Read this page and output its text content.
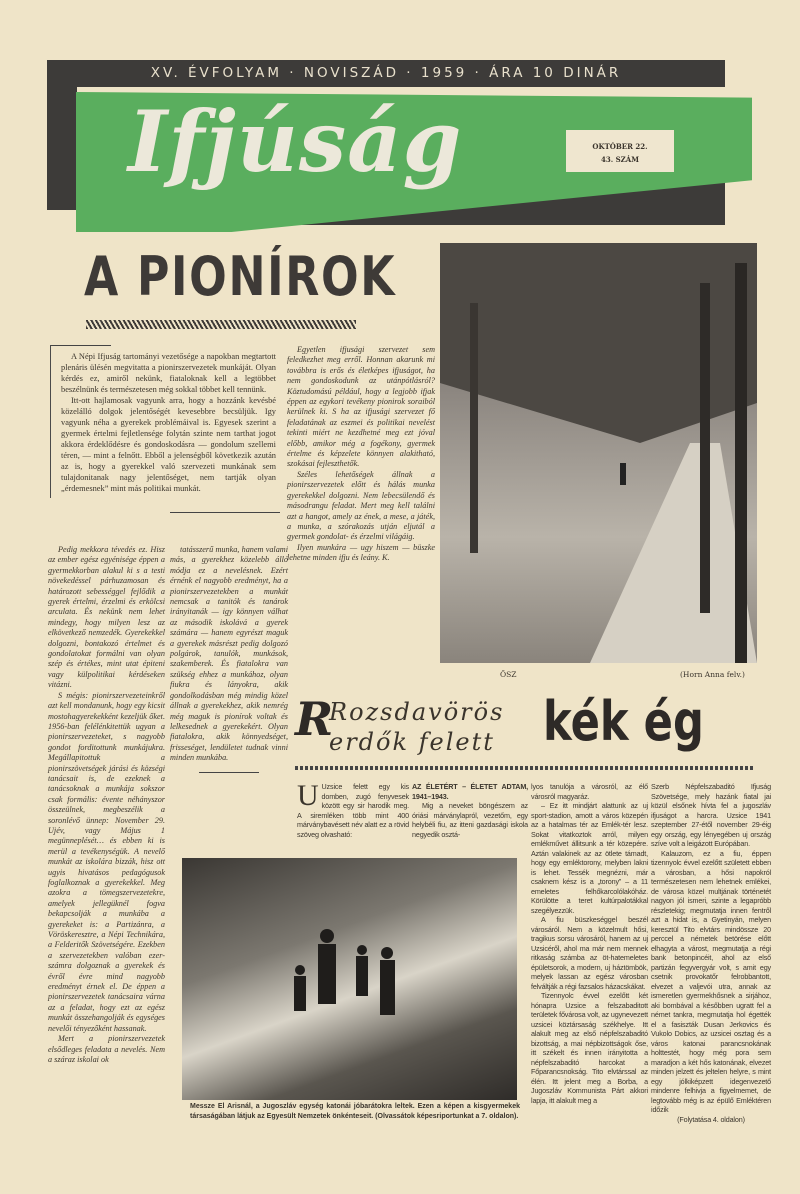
XV. ÉVFOLYAM · NOVISZÁD · 1959 · ÁRA 10 DINÁR
Ifjúság	OKTÓBER 22.
43. SZÁM
A PIONÍROK

A Népi Ifjuság tartományi vezetősége a napokban megtartott plenáris ülésén megvitatta a pionirszervezetek munkáját. Olyan kérdés ez, amiről nekünk, fiataloknak kell a legtöbbet beszélnünk és természetesen még sokkal többet kell tennünk.

Itt-ott hajlamosak vagyunk arra, hogy a hozzánk kevésbé közelálló dolgok jelentőségét kevesebbre becsüljük. Igy vagyunk néha a gyerekek problémáival is. Egyesek szerint a gyermek értelmi fejletlensége folytán szinte nem tarthat jogot akkora érdeklődésre és gondoskodásra — gondolum szellemi téren, — mint a felnőtt. Ebből a jelenségből következik azután az is, hogy a gyerekkel való szervezeti munkának sem tulajdonitanak nagy jelentőséget, nem tartják olyan „érdemesnek” mint más politikai munkát.

Egyetlen ifjusági szervezet sem feledkezhet meg erről. Honnan akarunk mi továbbra is erős és életképes ifjuságot, ha nem gondoskodunk az utánpótlásról? Köztudomású például, hogy a legjobb ifjak éppen az egykori tevékeny pionirok soraiból kerülnek ki. S ha az ifjusági szervezet fő feladatának az eszmei és politikai nevelést tekinti miért ne kezdhetné meg ezt jóval előbb, amikor még a fogékony, gyermek értelme és képzelete könnyen alakitható, szokásai fejleszthetők.

Széles lehetőségek állnak a pionirszervezetek előtt és hálás munka gyerekekkel dolgozni. Nem lebecsülendő és másodrangu feladat. Mert meg kell találni azt a hangot, amely az ének, a mese, a játék, a munka, a szórakozás utján eljutál a gyermek gondolat- és érzelmi világáig.

Ilyen munkára — ugy hiszem — büszke lehetne minden ifju és leány. K.

ŐSZ	(Horn Anna felv.)

Pedig mekkora tévedés ez. Hisz az ember egész egyénisége éppen a gyermekkorban alakul ki s a testi növekedéssel párhuzamosan és határozott sebességgel fejlődik a gyerek értelmi, érzelmi és erkölcsi arculata. És nekünk nem lehet mindegy, hogy milyen lesz az elkövetkező nemzedék. Gyerekekkel dolgozni, bontakozó értelmet és gondolatokat formálni van olyan szép és értékes, mint utat épiteni vagy külpolitikai kérdéseken vitázni.

S mégis: pionirszervezeteinkről azt kell mondanunk, hogy egy kicsit mostohagyerekekként kezeljük őket. 1956-ban felélénkitettük ugyan a pionirszervezeteket, s nagyobb gondot forditottunk munkájukra. Megállapitottuk a pionirszövetségek járási és községi tanácsait is, de ezeknek a tanácsoknak a munkája sokszor csak formális: évente néhányszor összeülnek, megbeszélik a soronlévő ünnep: November 29. Ujév, vagy Május 1 megünneplését… és ebben ki is merül a tevékenységük. A nevelő munkát az iskolára bizzák, hisz ott ugyis hivatásos pedagógusok foglalkoznak a gyerekekkel. Meg azokra a tömegszervezetekre, amelyek jellegüknél fogva bekapcsolják a munkába a gyerekeket is: a Partizánra, a Vöröskeresztre, a Népi Technikára, a Felderitők Szövetségére. Ezekben a szervezetekben valóban ezer-számra dolgoznak a gyerekek és évről évre mind nagyobb eredményt érnek el. De éppen a pionirszervezetek tanácsaira várna az a feladat, hogy ezt az egész munkát összehangolják és egységes nevelői tényezőként hassanak.

Mert a pionirszervezetek elsődleges feladata a nevelés. Nem a száraz iskolai ok

tatásszerű munka, hanem valami más, a gyerekhez közelebb álló módja ez a nevelésnek. Ezért érnénk el nagyobb eredményt, ha a pionirszervezetekben a munkát nemcsak a tanitók és tanárok irányitanák — igy könnyen válhat az második iskolává a gyerek számára — hanem egyrészt maguk a gyerekek másrészt pedig dolgozó polgárok, tanulók, munkások, szakemberek. És fiatalokra van szükség ehhez a munkához, olyan fiukra és lányokra, akik gondolkodásban még mindig közel állnak a gyerekekhez, akik nemrég még maguk is pionírok voltak és lelkesednek a gyerekekért. Olyan fiatalokra, akik könnyedséget, frisseséget, lendületet tudnak vinni minden munkába.

R
Rozsdavörös
erdők felett kék ég
U Uzsice felett egy kis domben, zugó fenyvesek között egy sir harodik meg. A siremléken több mint 400 márványbavésett név alatt ez a rövid szöveg olvasható:

AZ ÉLETÉRT – ÉLETET ADTAM, 1941–1943.

Mig a neveket böngészem az óriási márványlapról, vezetőm, egy helybéli fiu, az itteni gazdasági iskola negyedik osztá-

lyos tanulója a városról, az élő városról magyaráz.

– Ez itt mindjárt alattunk az uj sport-stadion, amott a város közepén az a hatalmas tér az Emlék-tér lesz. Sokat vitatkoztok arról, milyen emlékművet állitsunk a tér közepére. Aztán valakinek az az ötlete támadt, hogy egy emléktorony, melyben lakni is lehet. Tessék megnézni, már csaknem kész is a „torony” – a 11 emeletes felhőkarcolólakóház. Körülötte a teret kultúrpalotákkal szegélyezzük.

A fiu büszkeséggel beszél városáról. Nem a közelmult hősi, tragikus sorsu városáról, hanem az uj Uzsicéről, ahol ma már nem mennek ritkaság számba az öt-hatemeletes épületsorok, a modern, uj háztömbök, melyek lassan az egész városban felváltják a régi fazsalos házacskákat.

Tizennyolc évvel ezelőtt két hónapra Uzsice a felszabaditott területek fővárosa volt, az ugynevezett uzsicei köztársaság székhelye. Itt alakult meg az első népfelszabaditó bizottság, a mai népbizottságok őse, itt székelt és innen irányitotta a népfelszabaditó harcokat a Főparancsnokság. Tito elvtárssal az élén. Itt jelent meg a Borba, a Jugoszláv Kommunista Párt akkori lapja, itt alakult meg a

Szerb Népfelszabaditó Ifjuság Szövetsége, mely hazánk fiatal jai közül elsőnek hívta fel a jugoszláv ifjuságot a harcra. Uzsice 1941 szeptember 27-étől november 29-éig egy ország, egy lényegében uj ország szíve volt a leigázott Európában.

Kalauzom, ez a fiu, éppen tizennyolc évvel ezelőtt született ebben a városban, a hősi napokról természetesen nem lehetnek emlékei, de városa közel multjának történetét nagyon jól ismeri, szinte a legapróbb részletekig; megmutatja innen fentről azt a hidat is, a Gyetinyán, melyen keresztül Tito elvtárs mindössze 20 perccel a németek betörése előtt elhagyta a várost, megmutatja a régi bank betonpincéit, ahol az első partizán fegyvergyár volt, s amit egy csetnik provokatőr felrobbantott, elvezet a valjevói utra, annak az ismeretlen gyermekhősnek a sirjához, aki bombával a későbben ugratt fel a német tankra, megmutatja hol égették el a fasiszták Dusan Jerkovics és Vukolo Dobics, az uzsicei osztag és a város katonai parancsnokának holttestét, hogy még pora sem maradjon a két hős katonának, elvezet minden jelzett és jeltelen helyre, s mint egy jólkiképzett idegenvezető mindenre felhivja a figyelmemet, de legtovább még is az épülő Emléktéren időzik

(Folytatása 4. oldalon)

Messze El Arisnál, a Jugoszláv egység katonái jóbarátokra leltek. Ezen a képen a kisgyermekek társaságában látjuk az Egyesült Nemzetek önkénteseit. (Olvassátok képesriportunkat a 7. oldalon).
